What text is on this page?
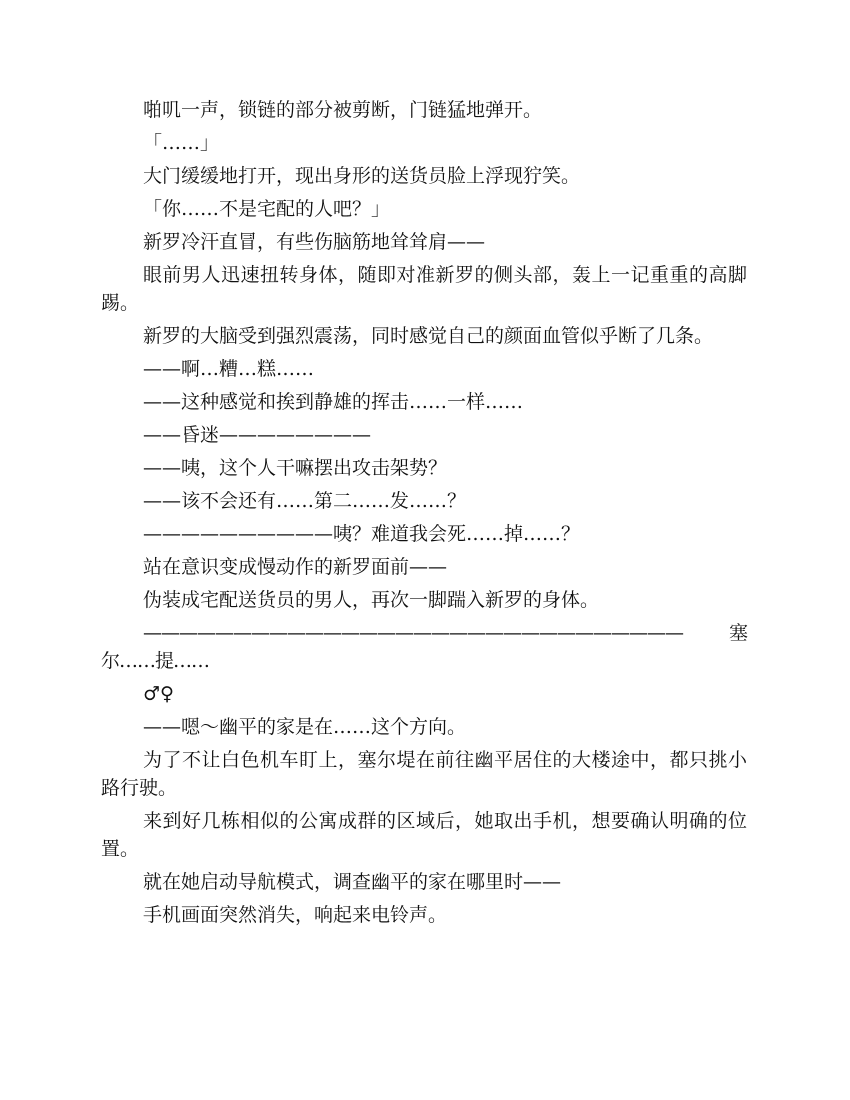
啪叽一声，锁链的部分被剪断，门链猛地弹开。

「……」

大门缓缓地打开，现出身形的送货员脸上浮现狞笑。

「你……不是宅配的人吧？」

新罗冷汗直冒，有些伤脑筋地耸耸肩——

眼前男人迅速扭转身体，随即对准新罗的侧头部，轰上一记重重的高脚踢。

新罗的大脑受到强烈震荡，同时感觉自己的颜面血管似乎断了几条。

——啊…糟…糕……

——这种感觉和挨到静雄的挥击……一样……

——昏迷————————

——咦，这个人干嘛摆出攻击架势？

——该不会还有……第二……发……？

——————————咦？难道我会死……掉……？

站在意识变成慢动作的新罗面前——

伪装成宅配送货员的男人，再次一脚踹入新罗的身体。

——————————————————————————————塞尔……提……

♂♀

——嗯～幽平的家是在……这个方向。

为了不让白色机车盯上，塞尔堤在前往幽平居住的大楼途中，都只挑小路行驶。

来到好几栋相似的公寓成群的区域后，她取出手机，想要确认明确的位置。

就在她启动导航模式，调查幽平的家在哪里时——

手机画面突然消失，响起来电铃声。
